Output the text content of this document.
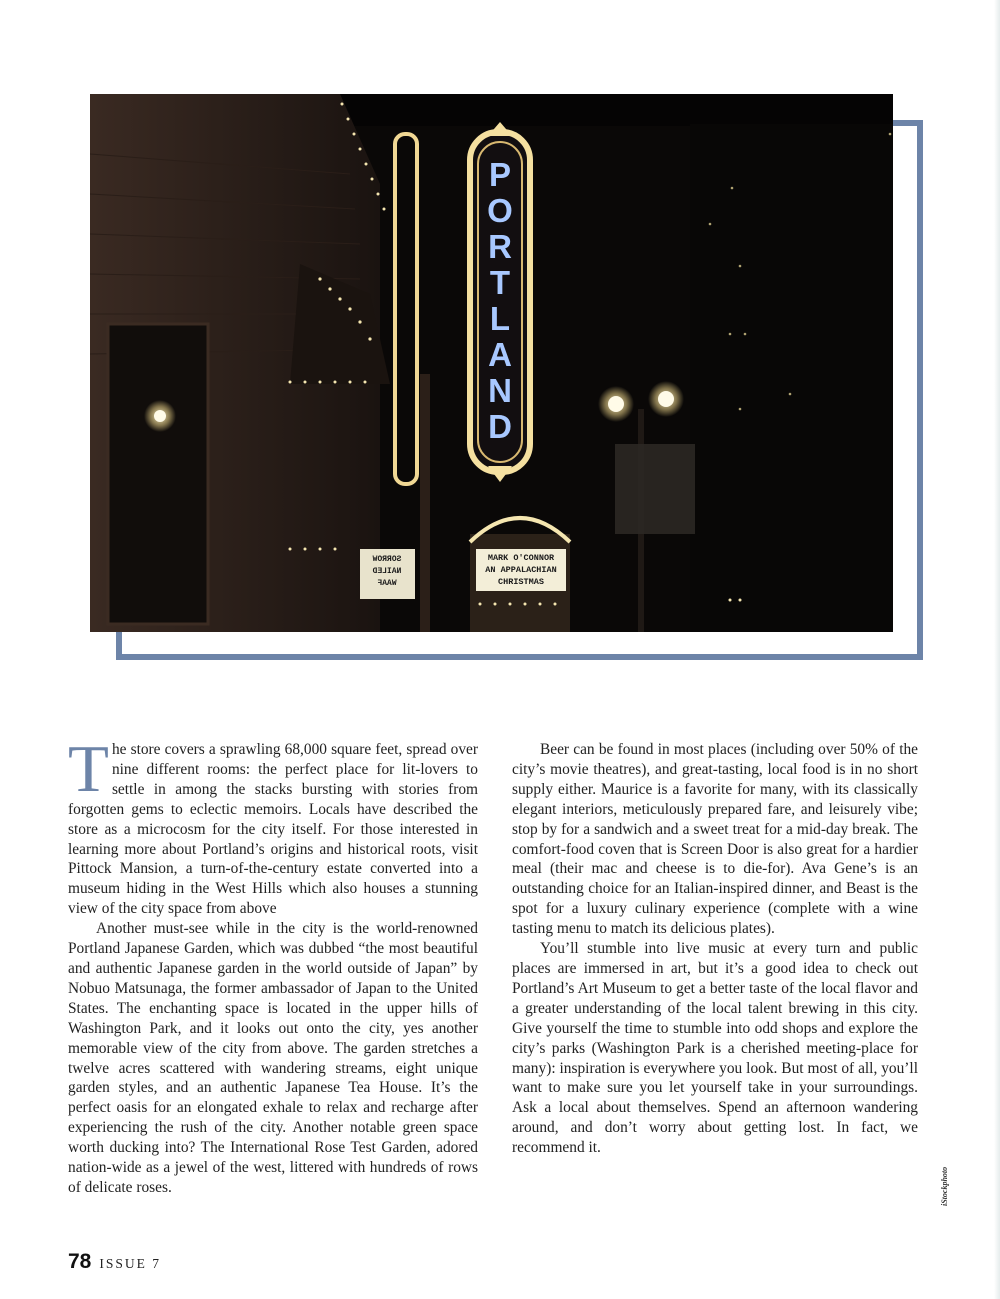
P
O
R
T
L
A
N
D
MARK O'CONNOR
AN APPALACHIAN
CHRISTMAS
SORROW
NAILED
WAAF

The store covers a sprawling 68,000 square feet, spread over nine different rooms: the perfect place for lit-lovers to settle in among the stacks bursting with stories from forgotten gems to eclectic memoirs. Locals have described the store as a microcosm for the city itself. For those interested in learning more about Portland’s origins and historical roots, visit Pittock Mansion, a turn-of-the-century estate converted into a museum hiding in the West Hills which also houses a stunning view of the city space from above

Another must-see while in the city is the world-renowned Portland Japanese Garden, which was dubbed “the most beautiful and authentic Japanese garden in the world outside of Japan” by Nobuo Matsunaga, the former ambassador of Japan to the United States. The enchanting space is located in the upper hills of Washington Park, and it looks out onto the city, yes another memorable view of the city from above. The garden stretches a twelve acres scattered with wandering streams, eight unique garden styles, and an authentic Japanese Tea House. It’s the perfect oasis for an elongated exhale to relax and recharge after experiencing the rush of the city. Another notable green space worth ducking into? The International Rose Test Garden, adored nation-wide as a jewel of the west, littered with hundreds of rows of delicate roses.

Beer can be found in most places (including over 50% of the city’s movie theatres), and great-tasting, local food is in no short supply either. Maurice is a favorite for many, with its classically elegant interiors, meticulously prepared fare, and leisurely vibe; stop by for a sandwich and a sweet treat for a mid-day break. The comfort-food coven that is Screen Door is also great for a hardier meal (their mac and cheese is to die-for). Ava Gene’s is an outstanding choice for an Italian-inspired dinner, and Beast is the spot for a luxury culinary experience (complete with a wine tasting menu to match its delicious plates).

You’ll stumble into live music at every turn and public places are immersed in art, but it’s a good idea to check out Portland’s Art Museum to get a better taste of the local flavor and a greater understanding of the local talent brewing in this city. Give yourself the time to stumble into odd shops and explore the city’s parks (Washington Park is a cherished meeting-place for many): inspiration is everywhere you look. But most of all, you’ll want to make sure you let yourself take in your surroundings. Ask a local about themselves. Spend an afternoon wandering around, and don’t worry about getting lost. In fact, we recommend it.

iStockphoto
78 ISSUE 7
